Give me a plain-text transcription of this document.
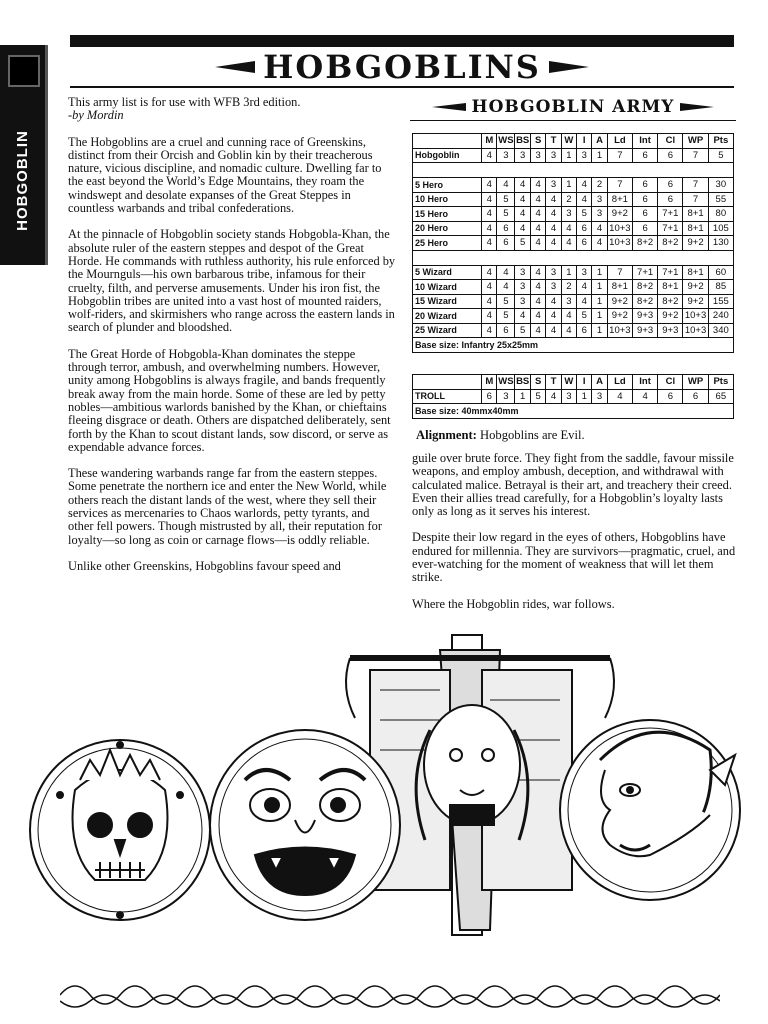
HOBGOBLIN
HOBGOBLINS

This army list is for use with WFB 3rd edition.
-by Mordin

The Hobgoblins are a cruel and cunning race of Greenskins, distinct from their Orcish and Goblin kin by their treacherous nature, vicious discipline, and nomadic culture. Dwelling far to the east beyond the World’s Edge Mountains, they roam the windswept and desolate expanses of the Great Steppes in countless warbands and tribal confederations.

At the pinnacle of Hobgoblin society stands Hobgobla-Khan, the absolute ruler of the eastern steppes and despot of the Great Horde. He commands with ruthless authority, his rule enforced by the Mournguls—his own barbarous tribe, infamous for their cruelty, filth, and perverse amusements. Under his iron fist, the Hobgoblin tribes are united into a vast host of mounted raiders, wolf-riders, and skirmishers who range across the eastern lands in search of plunder and bloodshed.

The Great Horde of Hobgobla-Khan dominates the steppe through terror, ambush, and overwhelming numbers. However, unity among Hobgoblins is always fragile, and bands frequently break away from the main horde. Some of these are led by petty nobles—ambitious warlords banished by the Khan, or chieftains fleeing disgrace or death. Others are dispatched deliberately, sent forth by the Khan to scout distant lands, sow discord, or serve as expendable advance forces.

These wandering warbands range far from the eastern steppes. Some penetrate the northern ice and enter the New World, while others reach the distant lands of the west, where they sell their services as mercenaries to Chaos warlords, petty tyrants, and other fell powers. Though mistrusted by all, their reputation for loyalty—so long as coin or carnage flows—is oddly reliable.

Unlike other Greenskins, Hobgoblins favour speed and

HOBGOBLIN ARMY
	M	WS	BS	S	T	W	I	A	Ld	Int	Cl	WP	Pts
Hobgoblin	4	3	3	3	3	1	3	1	7	6	6	7	5

5 Hero	4	4	4	4	3	1	4	2	7	6	6	7	30
10 Hero	4	5	4	4	4	2	4	3	8+1	6	6	7	55
15 Hero	4	5	4	4	4	3	5	3	9+2	6	7+1	8+1	80
20 Hero	4	6	4	4	4	4	6	4	10+3	6	7+1	8+1	105
25 Hero	4	6	5	4	4	4	6	4	10+3	8+2	8+2	9+2	130

5 Wizard	4	4	3	4	3	1	3	1	7	7+1	7+1	8+1	60
10 Wizard	4	4	3	4	3	2	4	1	8+1	8+2	8+1	9+2	85
15 Wizard	4	5	3	4	4	3	4	1	9+2	8+2	8+2	9+2	155
20 Wizard	4	5	4	4	4	4	5	1	9+2	9+3	9+2	10+3	240
25 Wizard	4	6	5	4	4	4	6	1	10+3	9+3	9+3	10+3	340
Base size: Infantry 25x25mm													
	M	WS	BS	S	T	W	I	A	Ld	Int	Cl	WP	Pts
TROLL	6	3	1	5	4	3	1	3	4	4	6	6	65
Base size: 40mmx40mm													
Alignment: Hobgoblins are Evil.

guile over brute force. They fight from the saddle, favour missile weapons, and employ ambush, deception, and withdrawal with calculated malice. Betrayal is their art, and treachery their creed. Even their allies tread carefully, for a Hobgoblin’s loyalty lasts only as long as it serves his interest.

Despite their low regard in the eyes of others, Hobgoblins have endured for millennia. They are survivors—pragmatic, cruel, and ever-watching for the moment of weakness that will let them strike.

Where the Hobgoblin rides, war follows.
